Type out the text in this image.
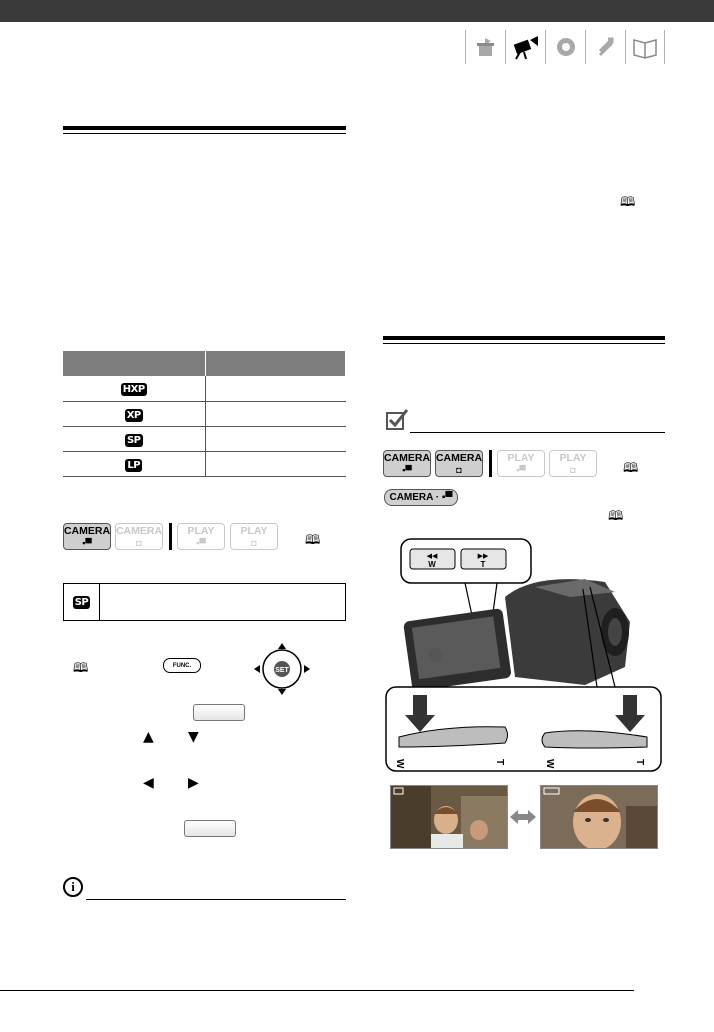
HXP	
XP	
SP	
LP	
CAMERA
▪▀
CAMERA
◘
PLAY
▪▀
PLAY
◘	🕮
SP
🕮	FUNC.
SET
▲ ▼
◀ ▶
i
🕮
CAMERA
▪▀
CAMERA
◘
PLAY
▪▀
PLAY
◘	🕮
CAMERA · ▪▀
🕮
◀◀
W
▶▶
T
W	T	W	T
